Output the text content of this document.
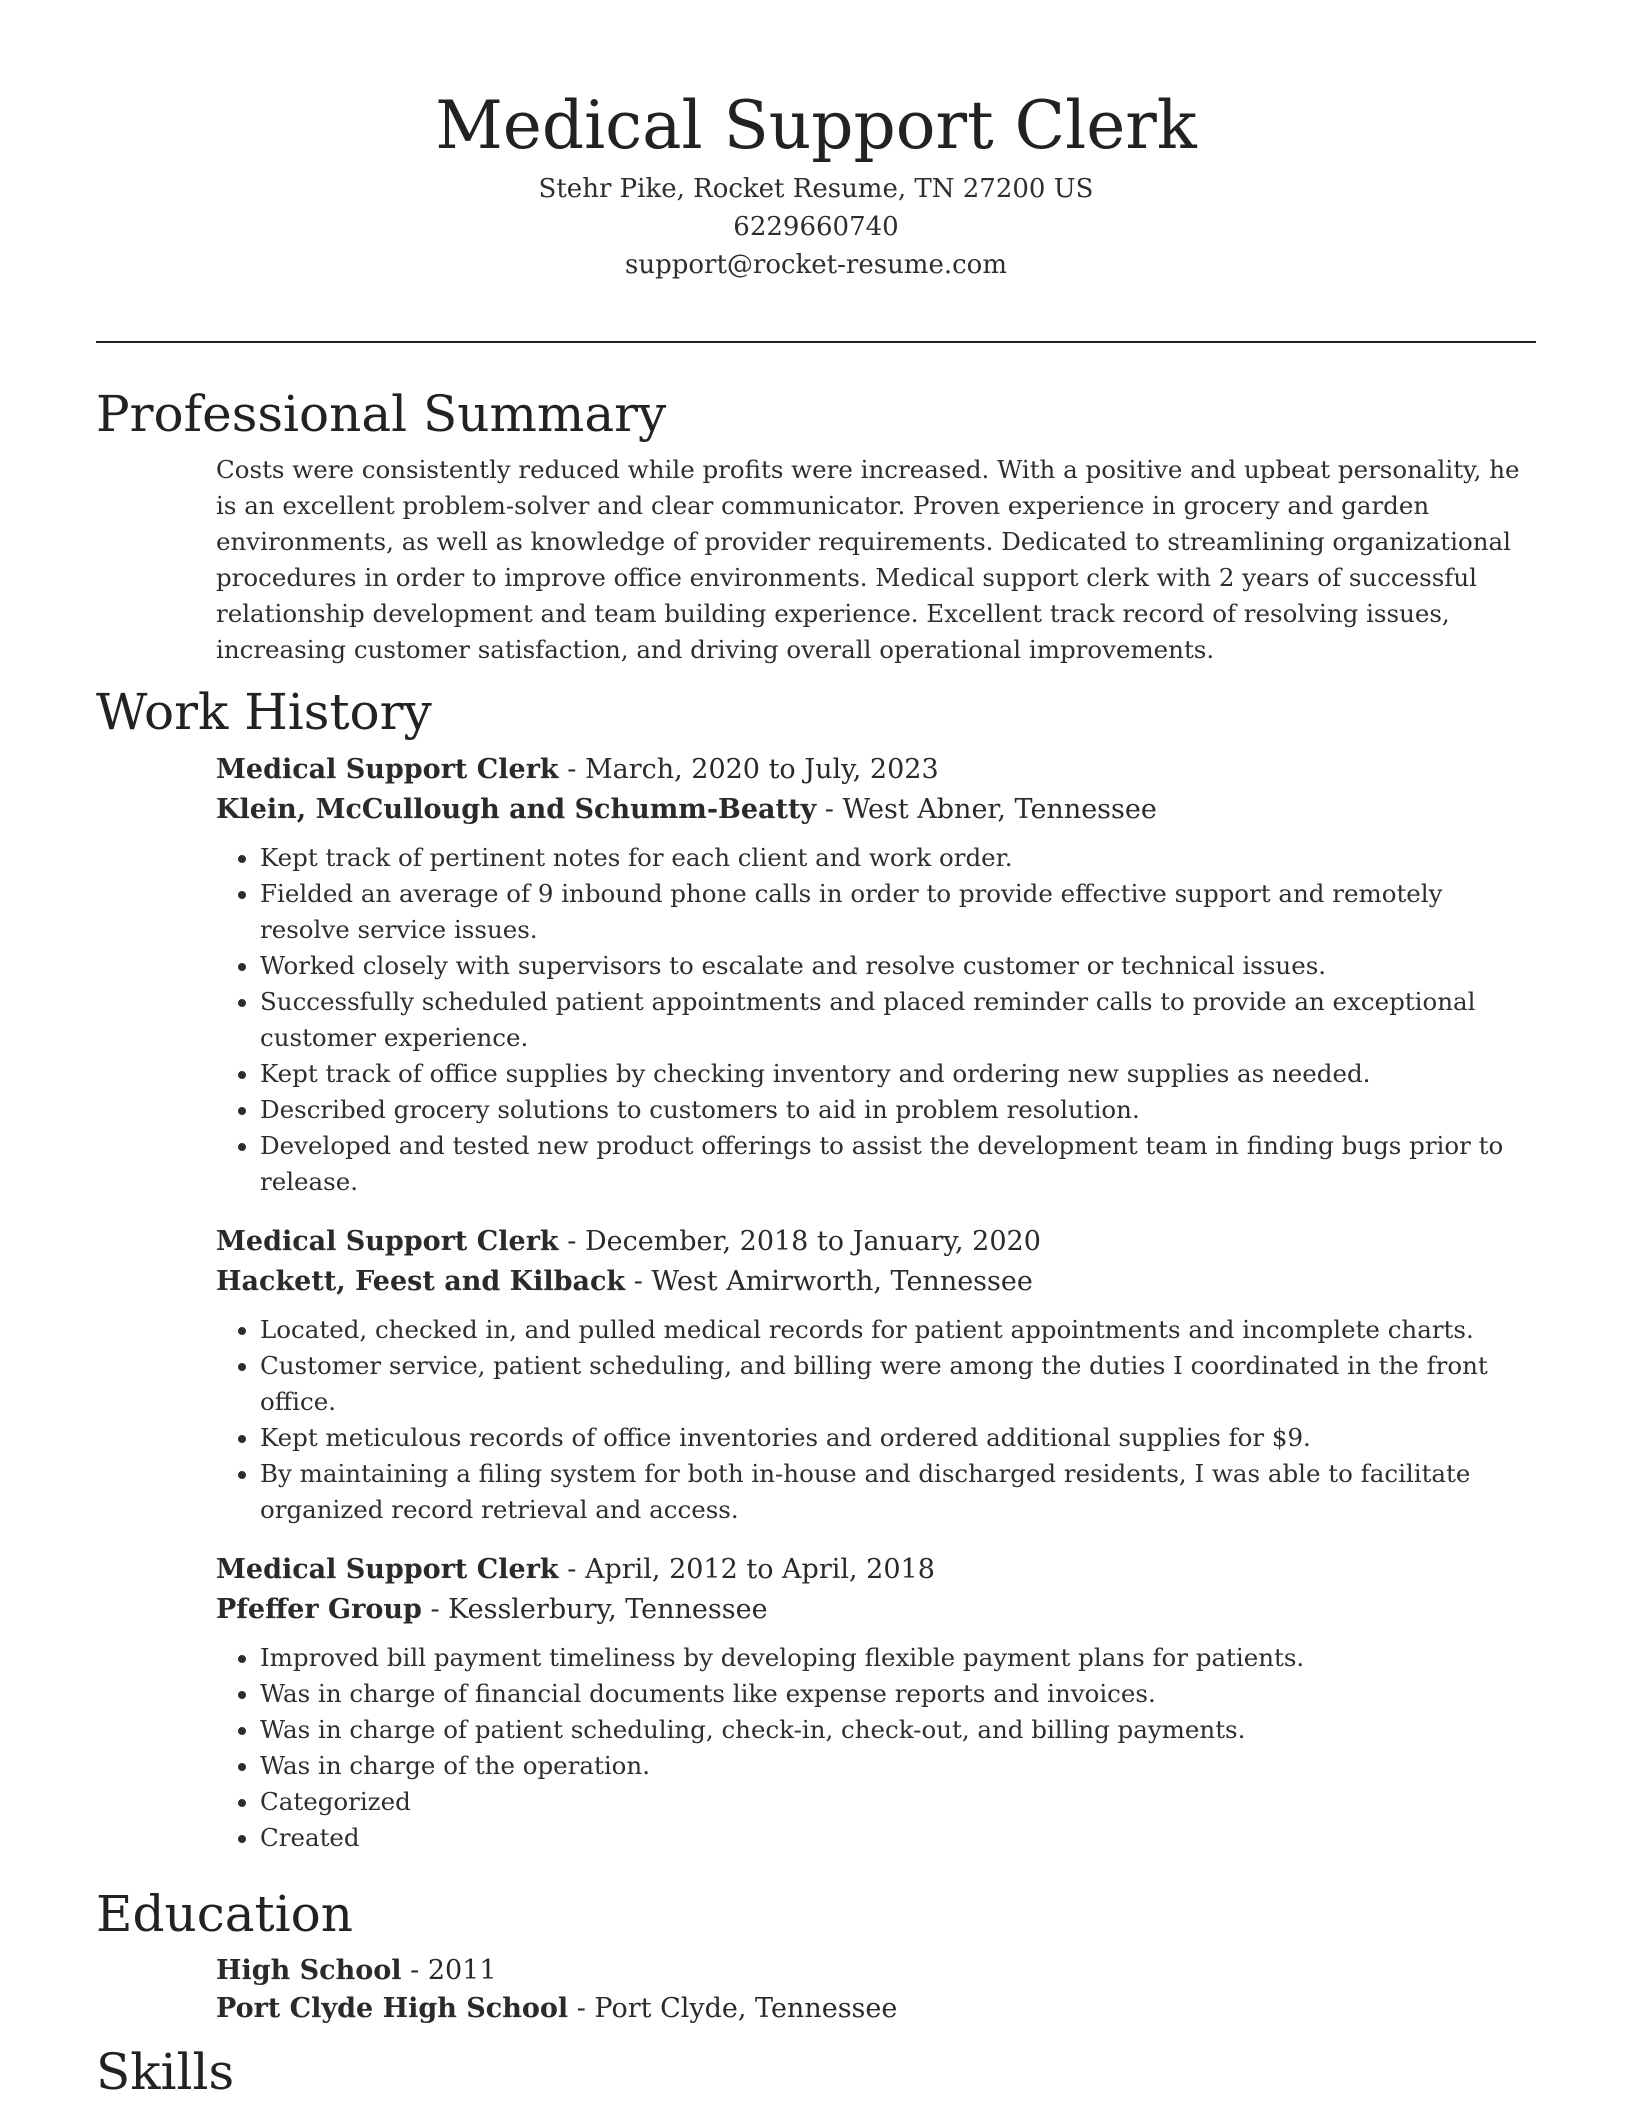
Medical Support Clerk
Stehr Pike, Rocket Resume, TN 27200 US
6229660740
support@rocket-resume.com
Professional Summary

Costs were consistently reduced while profits were increased. With a positive and upbeat personality, he is an excellent problem-solver and clear communicator. Proven experience in grocery and garden environments, as well as knowledge of provider requirements. Dedicated to streamlining organizational procedures in order to improve office environments. Medical support clerk with 2 years of successful relationship development and team building experience. Excellent track record of resolving issues, increasing customer satisfaction, and driving overall operational improvements.

Work History
Medical Support Clerk - March, 2020 to July, 2023
Klein, McCullough and Schumm-Beatty - West Abner, Tennessee
• Kept track of pertinent notes for each client and work order.
• Fielded an average of 9 inbound phone calls in order to provide effective support and remotely resolve service issues.
• Worked closely with supervisors to escalate and resolve customer or technical issues.
• Successfully scheduled patient appointments and placed reminder calls to provide an exceptional customer experience.
• Kept track of office supplies by checking inventory and ordering new supplies as needed.
• Described grocery solutions to customers to aid in problem resolution.
• Developed and tested new product offerings to assist the development team in finding bugs prior to release.
Medical Support Clerk - December, 2018 to January, 2020
Hackett, Feest and Kilback - West Amirworth, Tennessee
• Located, checked in, and pulled medical records for patient appointments and incomplete charts.
• Customer service, patient scheduling, and billing were among the duties I coordinated in the front office.
• Kept meticulous records of office inventories and ordered additional supplies for $9.
• By maintaining a filing system for both in-house and discharged residents, I was able to facilitate organized record retrieval and access.
Medical Support Clerk - April, 2012 to April, 2018
Pfeffer Group - Kesslerbury, Tennessee
• Improved bill payment timeliness by developing flexible payment plans for patients.
• Was in charge of financial documents like expense reports and invoices.
• Was in charge of patient scheduling, check-in, check-out, and billing payments.
• Was in charge of the operation.
• Categorized
• Created
Education
High School - 2011
Port Clyde High School - Port Clyde, Tennessee
Skills
